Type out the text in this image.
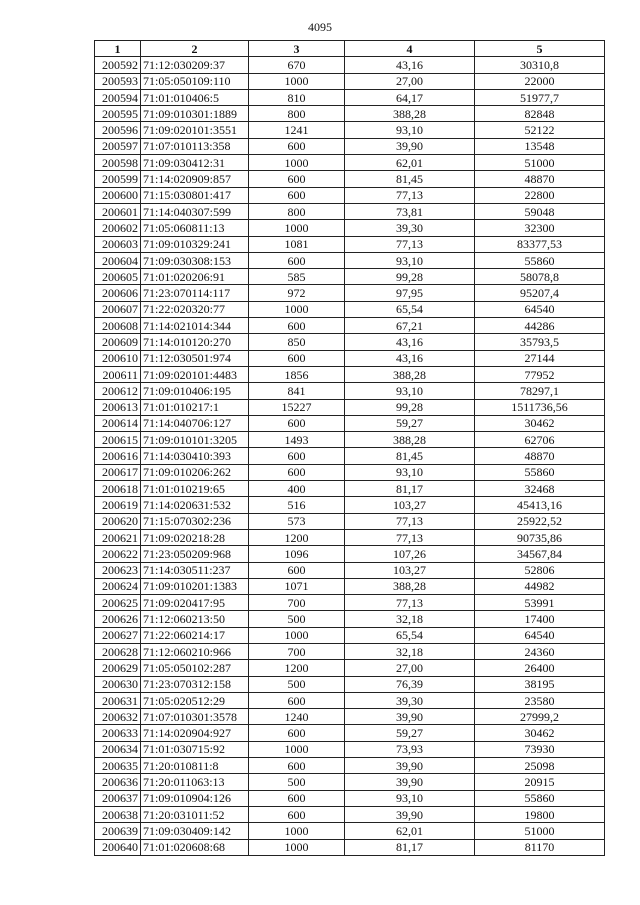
4095
1	2	3	4	5
200592	71:12:030209:37	670	43,16	30310,8
200593	71:05:050109:110	1000	27,00	22000
200594	71:01:010406:5	810	64,17	51977,7
200595	71:09:010301:1889	800	388,28	82848
200596	71:09:020101:3551	1241	93,10	52122
200597	71:07:010113:358	600	39,90	13548
200598	71:09:030412:31	1000	62,01	51000
200599	71:14:020909:857	600	81,45	48870
200600	71:15:030801:417	600	77,13	22800
200601	71:14:040307:599	800	73,81	59048
200602	71:05:060811:13	1000	39,30	32300
200603	71:09:010329:241	1081	77,13	83377,53
200604	71:09:030308:153	600	93,10	55860
200605	71:01:020206:91	585	99,28	58078,8
200606	71:23:070114:117	972	97,95	95207,4
200607	71:22:020320:77	1000	65,54	64540
200608	71:14:021014:344	600	67,21	44286
200609	71:14:010120:270	850	43,16	35793,5
200610	71:12:030501:974	600	43,16	27144
200611	71:09:020101:4483	1856	388,28	77952
200612	71:09:010406:195	841	93,10	78297,1
200613	71:01:010217:1	15227	99,28	1511736,56
200614	71:14:040706:127	600	59,27	30462
200615	71:09:010101:3205	1493	388,28	62706
200616	71:14:030410:393	600	81,45	48870
200617	71:09:010206:262	600	93,10	55860
200618	71:01:010219:65	400	81,17	32468
200619	71:14:020631:532	516	103,27	45413,16
200620	71:15:070302:236	573	77,13	25922,52
200621	71:09:020218:28	1200	77,13	90735,86
200622	71:23:050209:968	1096	107,26	34567,84
200623	71:14:030511:237	600	103,27	52806
200624	71:09:010201:1383	1071	388,28	44982
200625	71:09:020417:95	700	77,13	53991
200626	71:12:060213:50	500	32,18	17400
200627	71:22:060214:17	1000	65,54	64540
200628	71:12:060210:966	700	32,18	24360
200629	71:05:050102:287	1200	27,00	26400
200630	71:23:070312:158	500	76,39	38195
200631	71:05:020512:29	600	39,30	23580
200632	71:07:010301:3578	1240	39,90	27999,2
200633	71:14:020904:927	600	59,27	30462
200634	71:01:030715:92	1000	73,93	73930
200635	71:20:010811:8	600	39,90	25098
200636	71:20:011063:13	500	39,90	20915
200637	71:09:010904:126	600	93,10	55860
200638	71:20:031011:52	600	39,90	19800
200639	71:09:030409:142	1000	62,01	51000
200640	71:01:020608:68	1000	81,17	81170
